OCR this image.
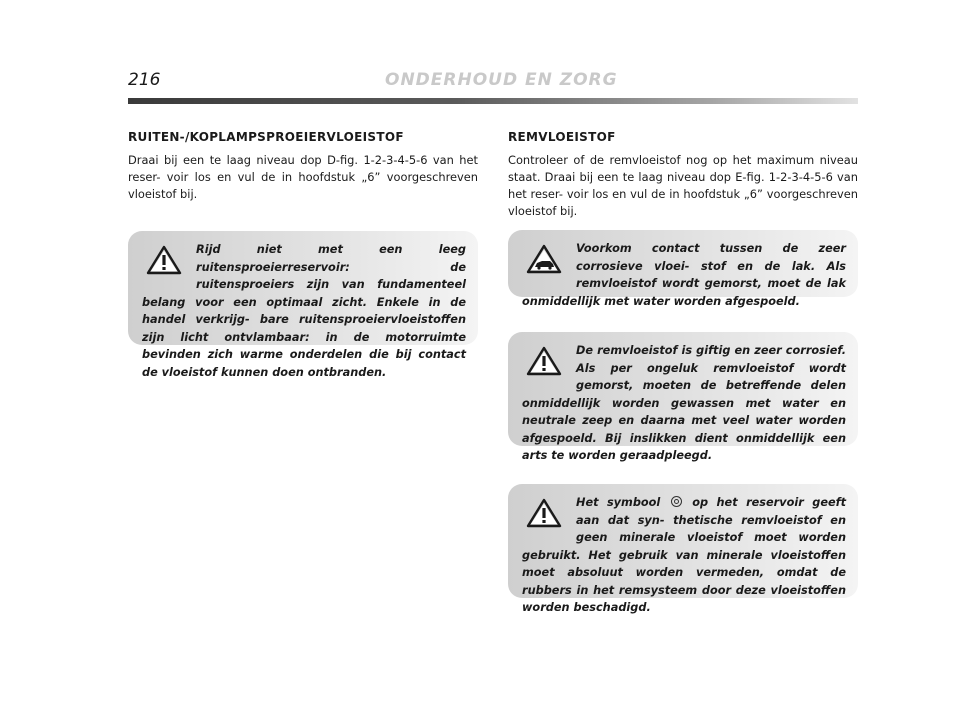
216	ONDERHOUD EN ZORG
RUITEN-/KOPLAMPSPROEIERVLOEISTOF

Draai bij een te laag niveau dop D-fig. 1-2-3-4-5-6 van het reser- voir los en vul de in hoofdstuk „6” voorgeschreven vloeistof bij.

Rijd niet met een leeg ruitensproeierreservoir: de ruitensproeiers zijn van fundamenteel belang voor een optimaal zicht. Enkele in de handel verkrijg- bare ruitensproeiervloeistoffen zijn licht ontvlambaar: in de motorruimte bevinden zich warme onderdelen die bij contact de vloeistof kunnen doen ontbranden.

REMVLOEISTOF

Controleer of de remvloeistof nog op het maximum niveau staat. Draai bij een te laag niveau dop E-fig. 1-2-3-4-5-6 van het reser- voir los en vul de in hoofdstuk „6” voorgeschreven vloeistof bij.

Voorkom contact tussen de zeer corrosieve vloei- stof en de lak. Als remvloeistof wordt gemorst, moet de lak onmiddellijk met water worden afgespoeld.

De remvloeistof is giftig en zeer corrosief. Als per ongeluk remvloeistof wordt gemorst, moeten de betreffende delen onmiddellijk worden gewassen met water en neutrale zeep en daarna met veel water worden afgespoeld. Bij inslikken dient onmiddellijk een arts te worden geraadpleegd.

Het symbool	op het reservoir geeft aan dat syn- thetische remvloeistof en geen minerale vloeistof moet worden gebruikt. Het gebruik van minerale vloeistoffen moet absoluut worden vermeden, omdat de rubbers in het remsysteem door deze vloeistoffen worden beschadigd.
